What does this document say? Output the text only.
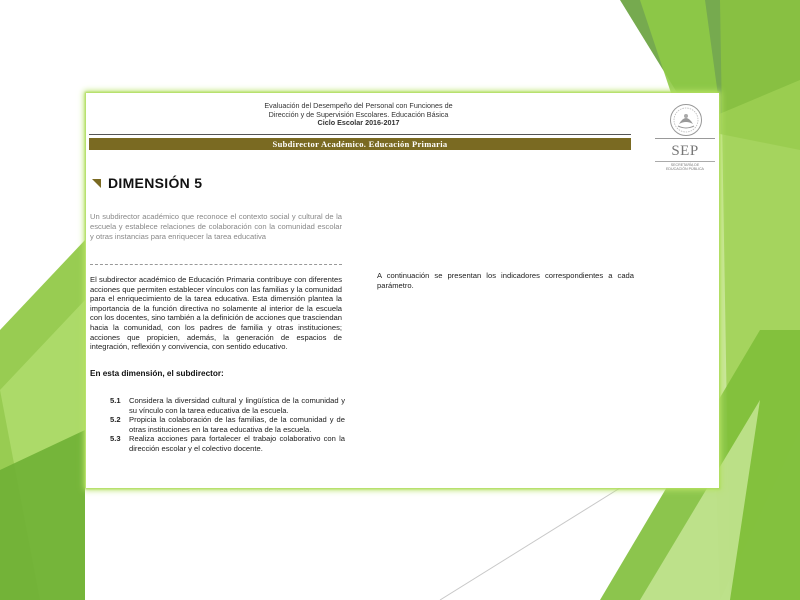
Evaluación del Desempeño del Personal con Funciones de
Dirección y de Supervisión Escolares. Educación Básica
Ciclo Escolar 2016-2017
Subdirector Académico. Educación Primaria	SEP
SECRETARÍA DE
EDUCACIÓN PÚBLICA
DIMENSIÓN 5
Un subdirector académico que reconoce el contexto social y cultural de la escuela y establece relaciones de colaboración con la comunidad escolar y otras instancias para enriquecer la tarea educativa
El subdirector académico de Educación Primaria contribuye con diferentes acciones que permiten establecer vínculos con las familias y la comunidad para el enriquecimiento de la tarea educativa. Esta dimensión plantea la importancia de la función directiva no solamente al interior de la escuela con los docentes, sino también a la definición de acciones que trasciendan hacia la comunidad, con los padres de familia y otras instituciones; acciones que propicien, además, la generación de espacios de integración, reflexión y convivencia, con sentido educativo.
En esta dimensión, el subdirector:
5.1	Considera la diversidad cultural y lingüística de la comunidad y su vínculo con la tarea educativa de la escuela.
5.2	Propicia la colaboración de las familias, de la comunidad y de otras instituciones en la tarea educativa de la escuela.
5.3	Realiza acciones para fortalecer el trabajo colaborativo con la dirección escolar y el colectivo docente.
A continuación se presentan los indicadores correspondientes a cada parámetro.
